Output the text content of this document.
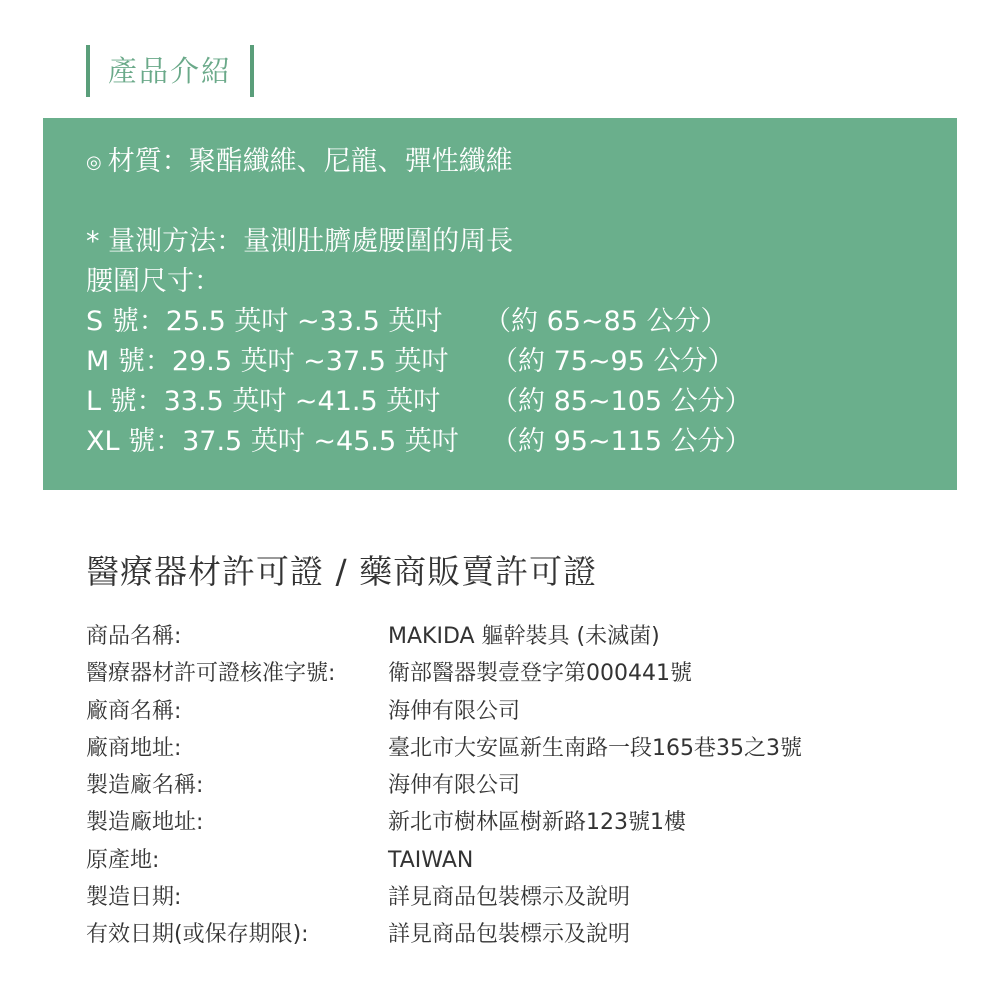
產品介紹
◎ 材質：聚酯纖維、尼龍、彈性纖維
* 量測方法：量測肚臍處腰圍的周長
腰圍尺寸：
S 號：25.5 英吋 ~33.5 英吋 （約 65~85 公分）
M 號：29.5 英吋 ~37.5 英吋 （約 75~95 公分）
L 號：33.5 英吋 ~41.5 英吋 （約 85~105 公分）
XL 號：37.5 英吋 ~45.5 英吋 （約 95~115 公分）
醫療器材許可證 / 藥商販賣許可證
商品名稱:	MAKIDA 軀幹裝具 (未滅菌)
醫療器材許可證核准字號: 衛部醫器製壹登字第000441號
廠商名稱:	海伸有限公司
廠商地址:	臺北市大安區新生南路一段165巷35之3號
製造廠名稱:	海伸有限公司
製造廠地址:	新北市樹林區樹新路123號1樓
原產地:	TAIWAN
製造日期:	詳見商品包裝標示及說明
有效日期(或保存期限):	詳見商品包裝標示及說明
